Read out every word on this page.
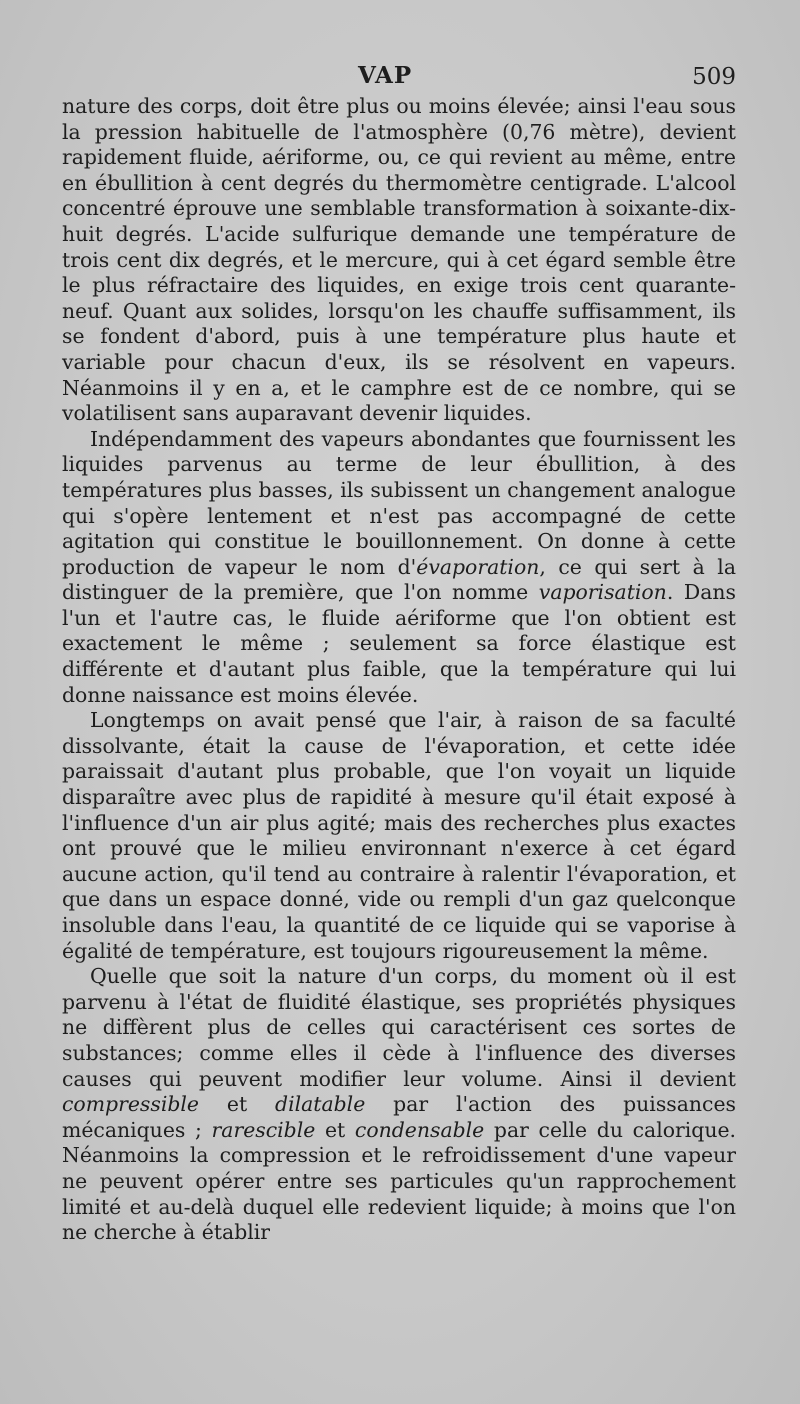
VAP	509

nature des corps, doit être plus ou moins élevée; ainsi l'eau sous la pression habituelle de l'atmosphère (0,76 mètre), devient rapidement fluide, aériforme, ou, ce qui revient au même, entre en ébullition à cent degrés du thermomètre centigrade. L'alcool concentré éprouve une semblable transformation à soixante-dix-huit degrés. L'acide sulfurique demande une température de trois cent dix degrés, et le mercure, qui à cet égard semble être le plus réfractaire des liquides, en exige trois cent quarante-neuf. Quant aux solides, lorsqu'on les chauffe suffisamment, ils se fondent d'abord, puis à une température plus haute et variable pour chacun d'eux, ils se résolvent en vapeurs. Néanmoins il y en a, et le camphre est de ce nombre, qui se volatilisent sans auparavant devenir liquides.

Indépendamment des vapeurs abondantes que fournissent les liquides parvenus au terme de leur ébullition, à des températures plus basses, ils subissent un changement analogue qui s'opère lentement et n'est pas accompagné de cette agitation qui constitue le bouillonnement. On donne à cette production de vapeur le nom d'évaporation, ce qui sert à la distinguer de la première, que l'on nomme vaporisation. Dans l'un et l'autre cas, le fluide aériforme que l'on obtient est exactement le même ; seulement sa force élastique est différente et d'autant plus faible, que la température qui lui donne naissance est moins élevée.

Longtemps on avait pensé que l'air, à raison de sa faculté dissolvante, était la cause de l'évaporation, et cette idée paraissait d'autant plus probable, que l'on voyait un liquide disparaître avec plus de rapidité à mesure qu'il était exposé à l'influence d'un air plus agité; mais des recherches plus exactes ont prouvé que le milieu environnant n'exerce à cet égard aucune action, qu'il tend au contraire à ralentir l'évaporation, et que dans un espace donné, vide ou rempli d'un gaz quelconque insoluble dans l'eau, la quantité de ce liquide qui se vaporise à égalité de température, est toujours rigoureusement la même.

Quelle que soit la nature d'un corps, du moment où il est parvenu à l'état de fluidité élastique, ses propriétés physiques ne diffèrent plus de celles qui caractérisent ces sortes de substances; comme elles il cède à l'influence des diverses causes qui peuvent modifier leur volume. Ainsi il devient compressible et dilatable par l'action des puissances mécaniques ; rarescible et condensable par celle du calorique. Néanmoins la compression et le refroidissement d'une vapeur ne peuvent opérer entre ses particules qu'un rapprochement limité et au-delà duquel elle redevient liquide; à moins que l'on ne cherche à établir
